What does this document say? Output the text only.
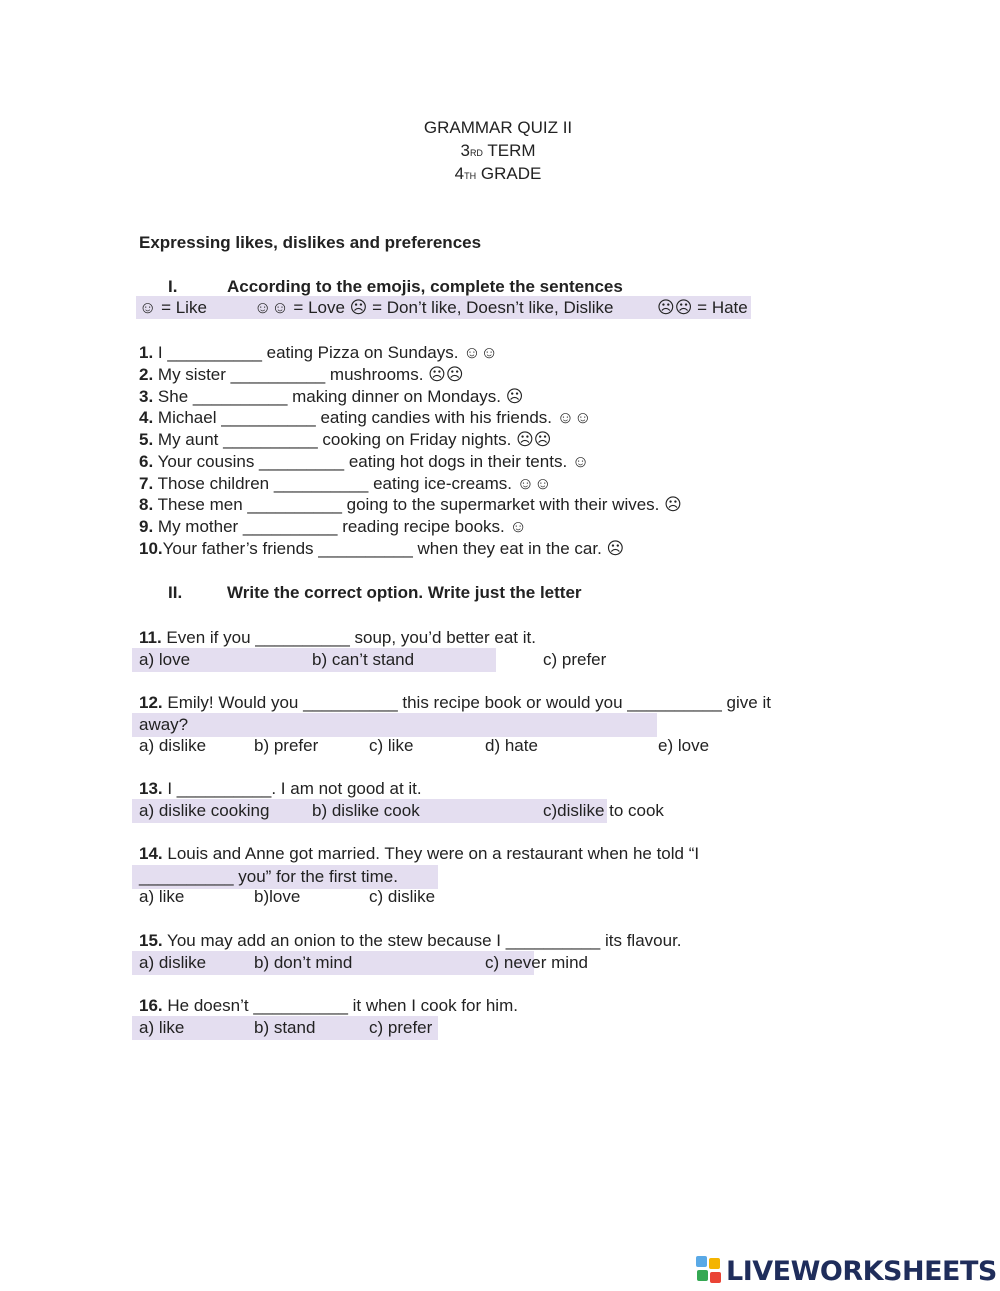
GRAMMAR QUIZ II
3RD TERM
4TH GRADE
Expressing likes, dislikes and preferences
I.	According to the emojis, complete the sentences
☺ = Like	☺☺ = Love ☹ = Don’t like, Doesn’t like, Dislike	☹☹ = Hate
1. I __________ eating Pizza on Sundays. ☺☺
2. My sister __________ mushrooms. ☹☹
3. She __________ making dinner on Mondays. ☹
4. Michael __________ eating candies with his friends. ☺☺
5. My aunt __________ cooking on Friday nights. ☹☹
6. Your cousins _________ eating hot dogs in their tents. ☺
7. Those children __________ eating ice-creams. ☺☺
8. These men __________ going to the supermarket with their wives. ☹
9. My mother __________ reading recipe books. ☺
10.Your father’s friends __________ when they eat in the car. ☹
II.	Write the correct option. Write just the letter
11. Even if you __________ soup, you’d better eat it.
a) love	b) can’t stand	c) prefer
12. Emily! Would you __________ this recipe book or would you __________ give it
away?
a) dislike	b) prefer	c) like	d) hate	e) love
13. I __________. I am not good at it.
a) dislike cooking	b) dislike cook	c)dislike to cook
14. Louis and Anne got married. They were on a restaurant when he told “I
__________ you” for the first time.
a) like	b)love	c) dislike
15. You may add an onion to the stew because I __________ its flavour.
a) dislike	b) don’t mind	c) never mind
16. He doesn’t __________ it when I cook for him.
a) like	b) stand	c) prefer
LIVEWORKSHEETS
